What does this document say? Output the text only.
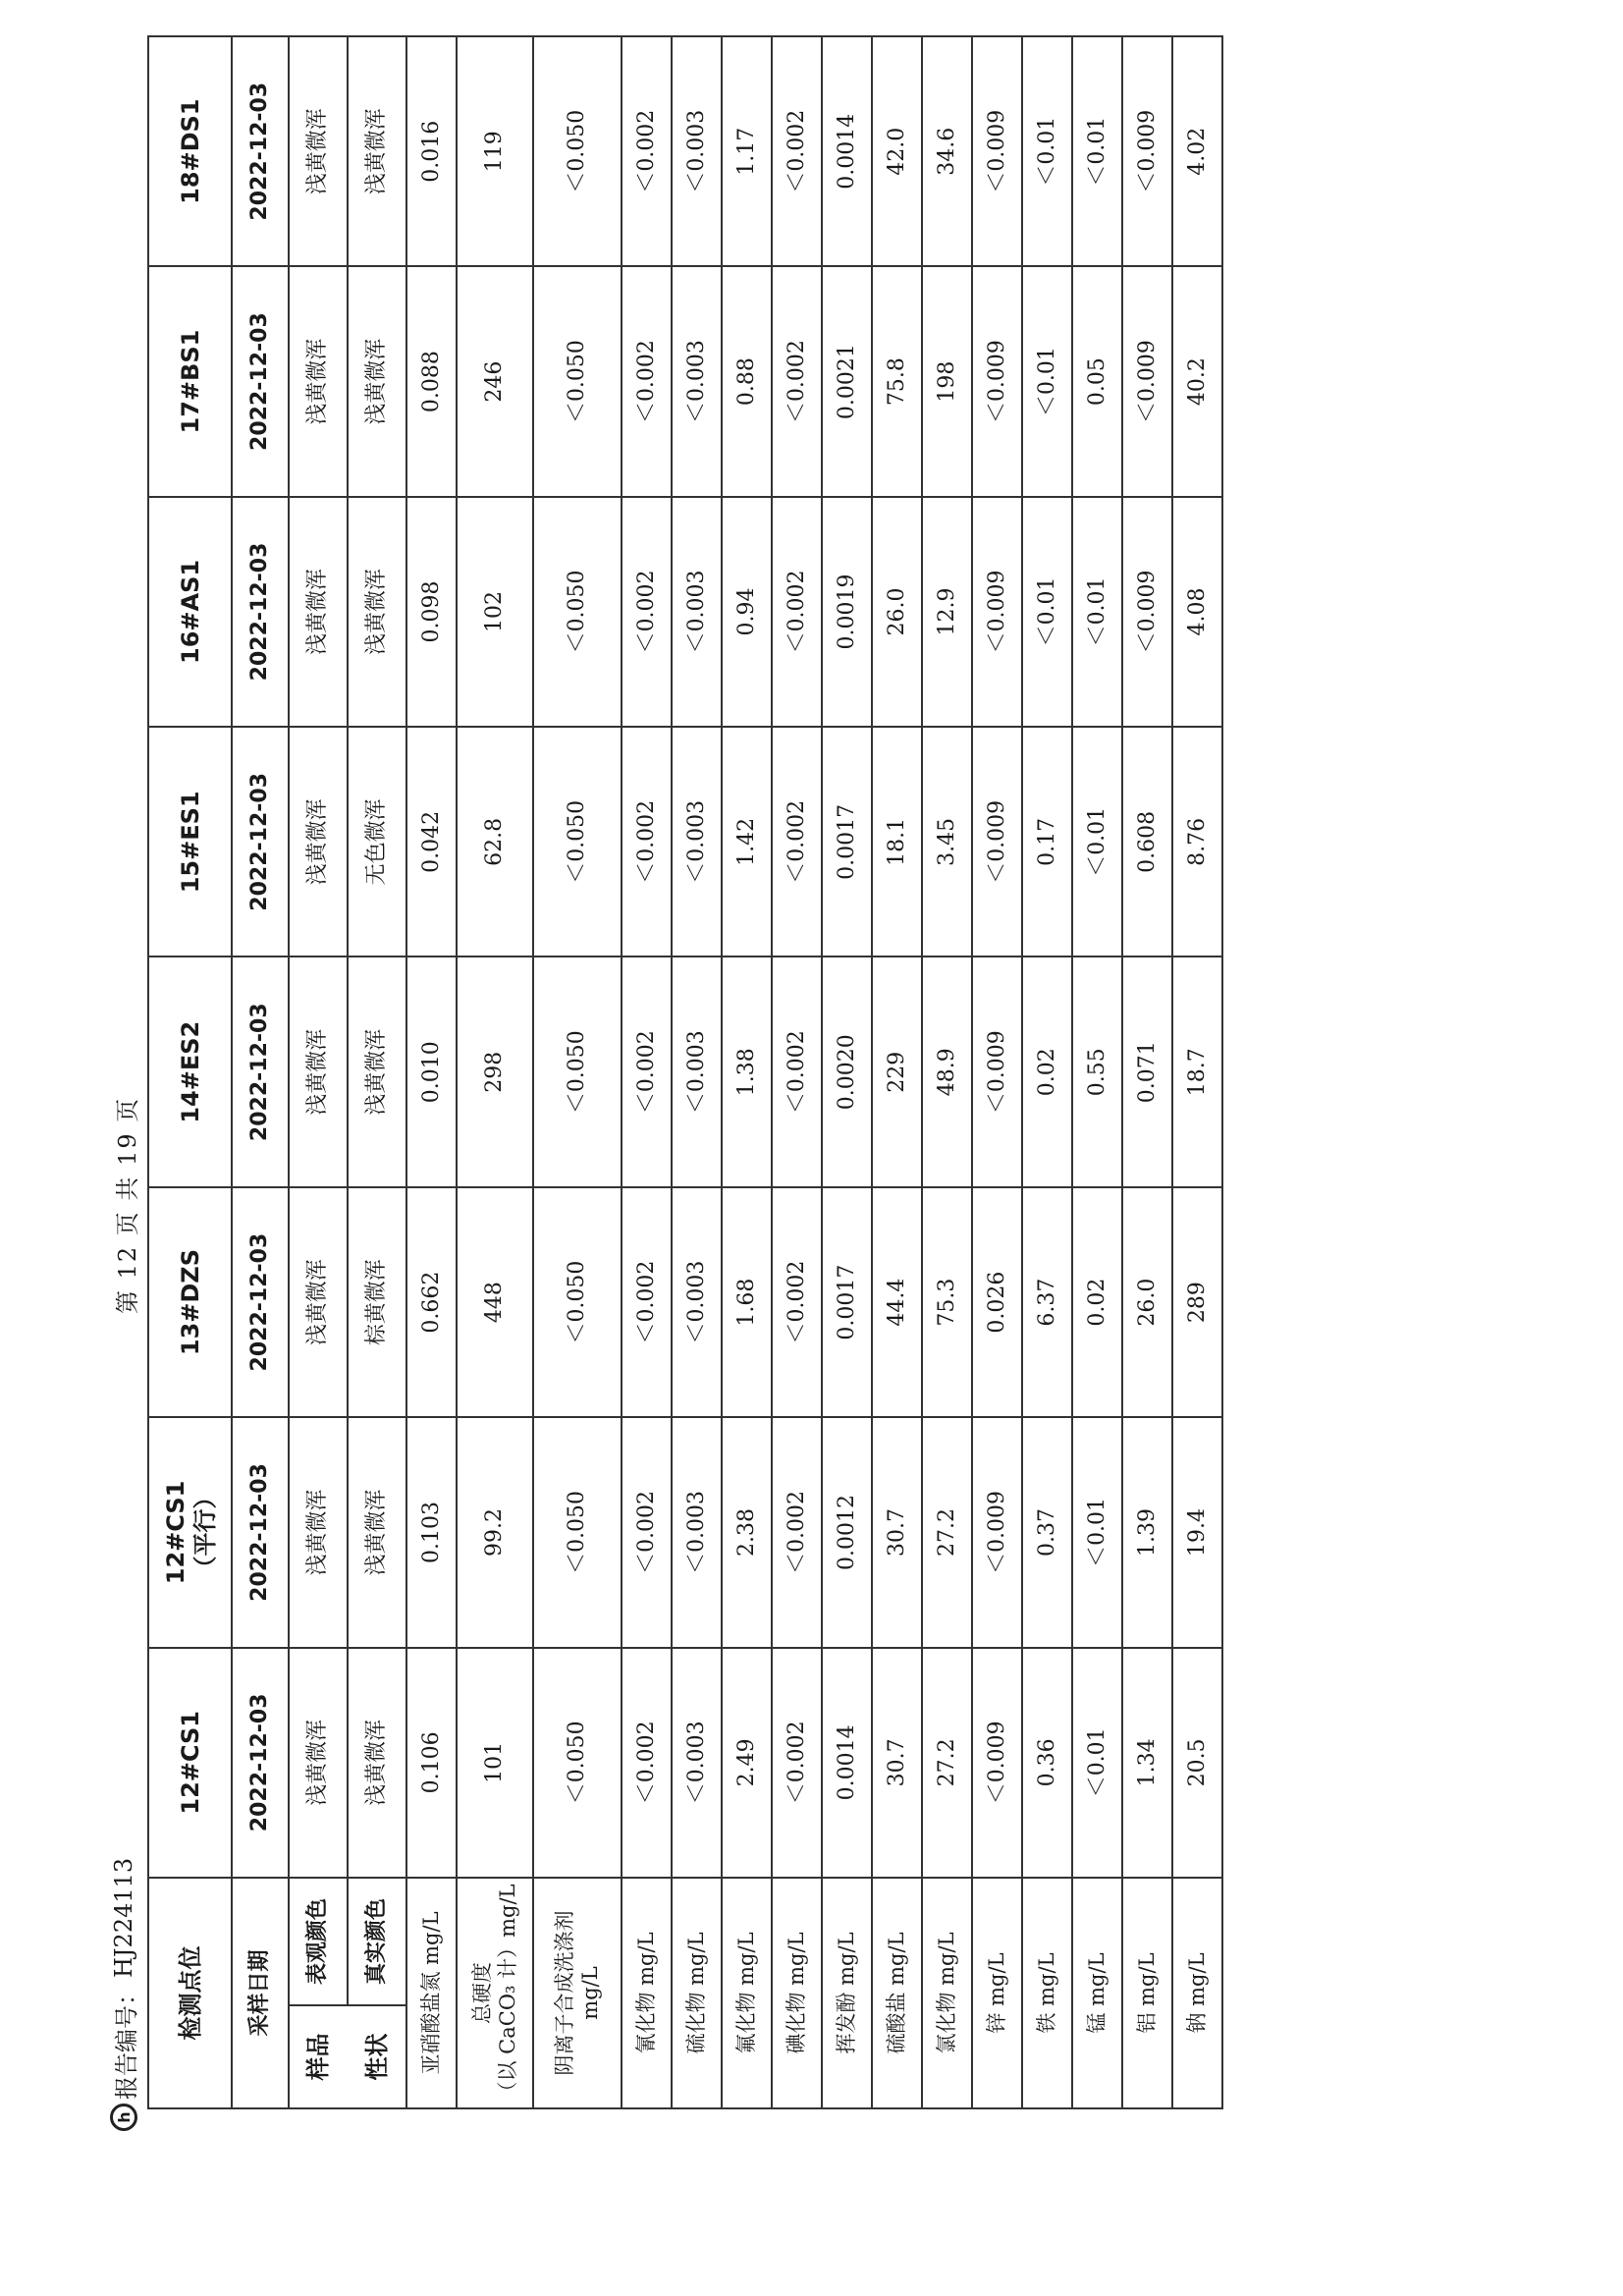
h
报告编号：
HJ224113
第 12 页 共 19 页
检测点位		12#CS1	12#CS1 （平行）	13#DZS	14#ES2	15#ES1	16#AS1	17#BS1	18#DS1

采样日期		2022-12-03	2022-12-03	2022-12-03	2022-12-03	2022-12-03	2022-12-03	2022-12-03	2022-12-03

样品 性状	表观颜色	浅黄微浑	浅黄微浑	浅黄微浑	浅黄微浑	浅黄微浑	浅黄微浑	浅黄微浑	浅黄微浑
	真实颜色	浅黄微浑	浅黄微浑	棕黄微浑	浅黄微浑	无色微浑	浅黄微浑	浅黄微浑	浅黄微浑

亚硝酸盐氮 mg/L		0.106	0.103	0.662	0.010	0.042	0.098	0.088	0.016

总硬度 （以 CaCO₃ 计）mg/L		101	99.2	448	298	62.8	102	246	119

阴离子合成洗涤剂 mg/L		＜0.050	＜0.050	＜0.050	＜0.050	＜0.050	＜0.050	＜0.050	＜0.050

氰化物 mg/L		＜0.002	＜0.002	＜0.002	＜0.002	＜0.002	＜0.002	＜0.002	＜0.002

硫化物 mg/L		＜0.003	＜0.003	＜0.003	＜0.003	＜0.003	＜0.003	＜0.003	＜0.003

氟化物 mg/L		2.49	2.38	1.68	1.38	1.42	0.94	0.88	1.17

碘化物 mg/L		＜0.002	＜0.002	＜0.002	＜0.002	＜0.002	＜0.002	＜0.002	＜0.002

挥发酚 mg/L		0.0014	0.0012	0.0017	0.0020	0.0017	0.0019	0.0021	0.0014

硫酸盐 mg/L		30.7	30.7	44.4	229	18.1	26.0	75.8	42.0

氯化物 mg/L		27.2	27.2	75.3	48.9	3.45	12.9	198	34.6

锌 mg/L		＜0.009	＜0.009	0.026	＜0.009	＜0.009	＜0.009	＜0.009	＜0.009

铁 mg/L		0.36	0.37	6.37	0.02	0.17	＜0.01	＜0.01	＜0.01

锰 mg/L		＜0.01	＜0.01	0.02	0.55	＜0.01	＜0.01	0.05	＜0.01

铝 mg/L		1.34	1.39	26.0	0.071	0.608	＜0.009	＜0.009	＜0.009

钠 mg/L		20.5	19.4	289	18.7	8.76	4.08	40.2	4.02
